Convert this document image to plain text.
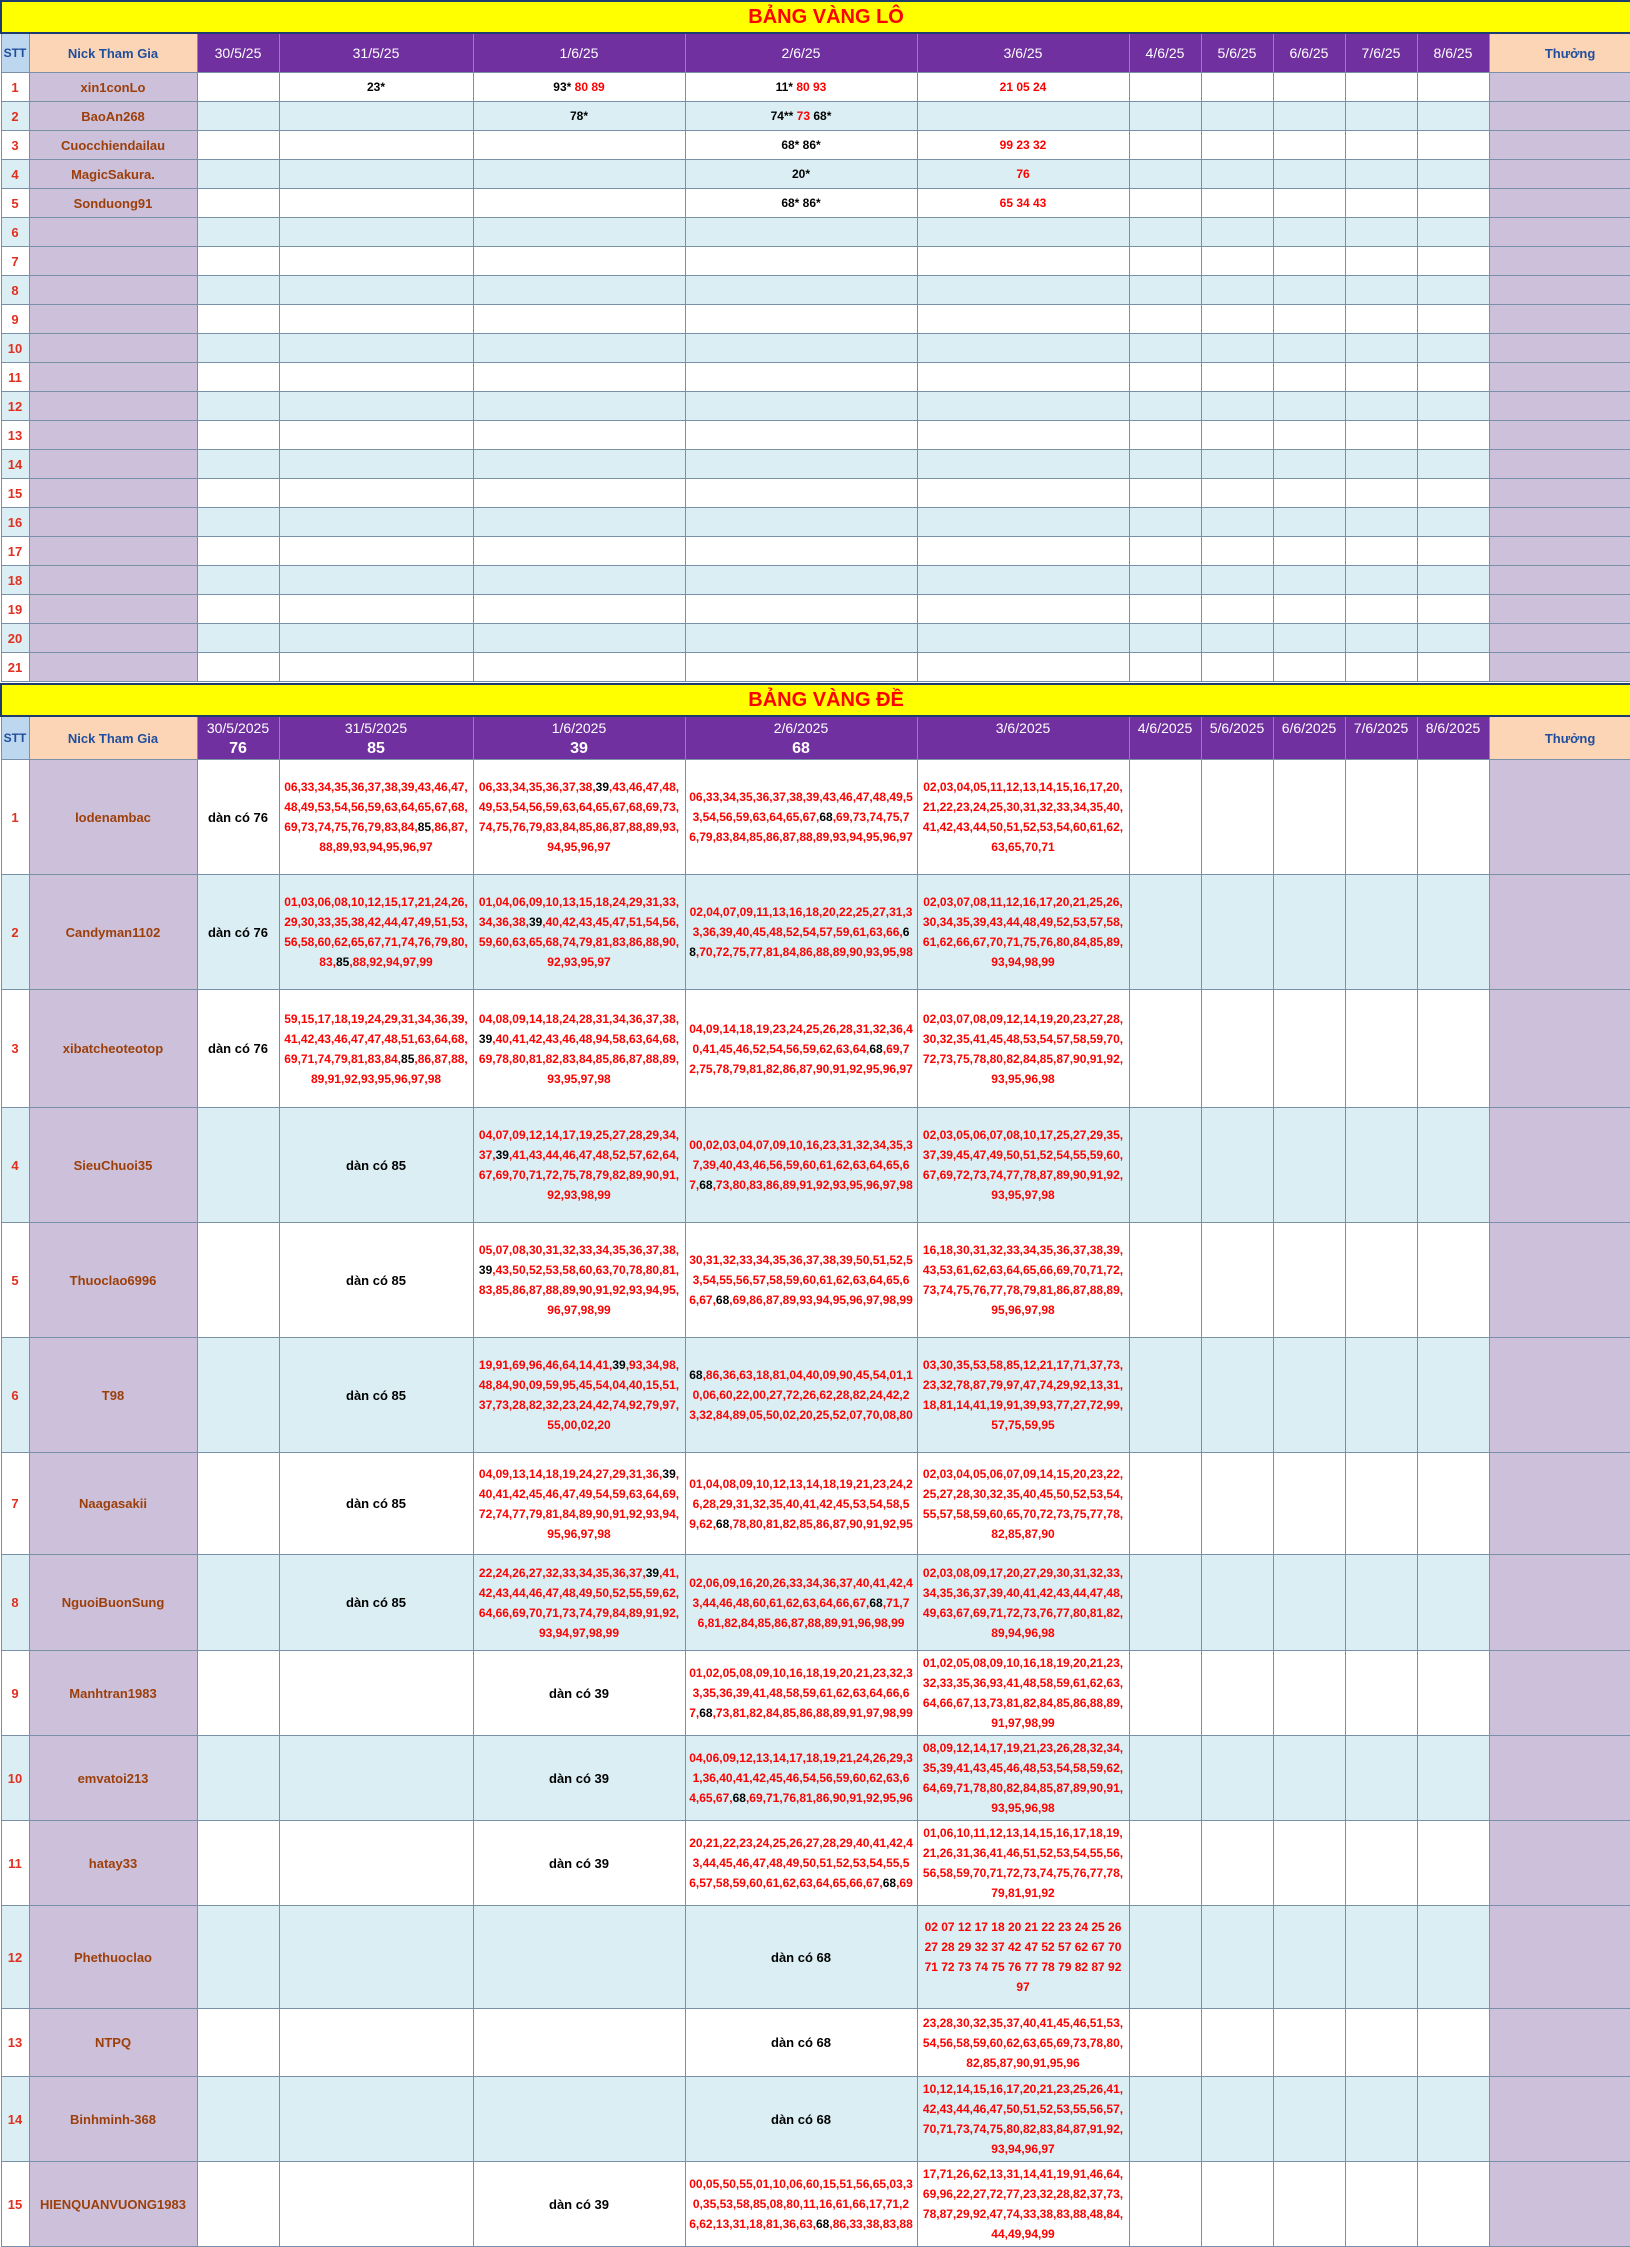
BẢNG VÀNG LÔ												
STT	Nick Tham Gia	30/5/25	31/5/25	1/6/25	2/6/25	3/6/25	4/6/25	5/6/25	6/6/25	7/6/25	8/6/25	Thưởng
1	xin1conLo		23*	93* 80 89	11* 80 93	21 05 24						
2	BaoAn268			78*	74** 73 68*							
3	Cuocchiendailau				68* 86*	99 23 32						
4	MagicSakura.				20*	76						
5	Sonduong91				68* 86*	65 34 43						
6												
7												
8												
9												
10												
11												
12												
13												
14												
15												
16												
17												
18												
19												
20												
21												
BẢNG VÀNG ĐỀ												
STT	Nick Tham Gia	30/5/2025	31/5/2025	1/6/2025	2/6/2025	3/6/2025	4/6/2025	5/6/2025	6/6/2025	7/6/2025	8/6/2025	Thưởng
		76	85	39	68							
1	lodenambac	dàn có 76	06,33,34,35,36,37,38,39,43,46,47,48,49,53,54,56,59,63,64,65,67,68,69,73,74,75,76,79,83,84,85,86,87,88,89,93,94,95,96,97	06,33,34,35,36,37,38,39,43,46,47,48,49,53,54,56,59,63,64,65,67,68,69,73,74,75,76,79,83,84,85,86,87,88,89,93,94,95,96,97	06,33,34,35,36,37,38,39,43,46,47,48,49,53,54,56,59,63,64,65,67,68,69,73,74,75,76,79,83,84,85,86,87,88,89,93,94,95,96,97	02,03,04,05,11,12,13,14,15,16,17,20,21,22,23,24,25,30,31,32,33,34,35,40,41,42,43,44,50,51,52,53,54,60,61,62,63,65,70,71						

2	Candyman1102	dàn có 76	01,03,06,08,10,12,15,17,21,24,26,29,30,33,35,38,42,44,47,49,51,53,56,58,60,62,65,67,71,74,76,79,80,83,85,88,92,94,97,99	01,04,06,09,10,13,15,18,24,29,31,33,34,36,38,39,40,42,43,45,47,51,54,56,59,60,63,65,68,74,79,81,83,86,88,90,92,93,95,97	02,04,07,09,11,13,16,18,20,22,25,27,31,33,36,39,40,45,48,52,54,57,59,61,63,66,68,70,72,75,77,81,84,86,88,89,90,93,95,98	02,03,07,08,11,12,16,17,20,21,25,26,30,34,35,39,43,44,48,49,52,53,57,58,61,62,66,67,70,71,75,76,80,84,85,89,93,94,98,99						

3	xibatcheoteotop	dàn có 76	59,15,17,18,19,24,29,31,34,36,39,41,42,43,46,47,47,48,51,63,64,68,69,71,74,79,81,83,84,85,86,87,88,89,91,92,93,95,96,97,98	04,08,09,14,18,24,28,31,34,36,37,38,39,40,41,42,43,46,48,94,58,63,64,68,69,78,80,81,82,83,84,85,86,87,88,89,93,95,97,98	04,09,14,18,19,23,24,25,26,28,31,32,36,40,41,45,46,52,54,56,59,62,63,64,68,69,72,75,78,79,81,82,86,87,90,91,92,95,96,97	02,03,07,08,09,12,14,19,20,23,27,28,30,32,35,41,45,48,53,54,57,58,59,70,72,73,75,78,80,82,84,85,87,90,91,92,93,95,96,98						

4	SieuChuoi35		dàn có 85	04,07,09,12,14,17,19,25,27,28,29,34,37,39,41,43,44,46,47,48,52,57,62,64,67,69,70,71,72,75,78,79,82,89,90,91,92,93,98,99	00,02,03,04,07,09,10,16,23,31,32,34,35,37,39,40,43,46,56,59,60,61,62,63,64,65,67,68,73,80,83,86,89,91,92,93,95,96,97,98	02,03,05,06,07,08,10,17,25,27,29,35,37,39,45,47,49,50,51,52,54,55,59,60,67,69,72,73,74,77,78,87,89,90,91,92,93,95,97,98						

5	Thuoclao6996		dàn có 85	05,07,08,30,31,32,33,34,35,36,37,38,39,43,50,52,53,58,60,63,70,78,80,81,83,85,86,87,88,89,90,91,92,93,94,95,96,97,98,99	30,31,32,33,34,35,36,37,38,39,50,51,52,53,54,55,56,57,58,59,60,61,62,63,64,65,66,67,68,69,86,87,89,93,94,95,96,97,98,99	16,18,30,31,32,33,34,35,36,37,38,39,43,53,61,62,63,64,65,66,69,70,71,72,73,74,75,76,77,78,79,81,86,87,88,89,95,96,97,98						

6	T98		dàn có 85	19,91,69,96,46,64,14,41,39,93,34,98,48,84,90,09,59,95,45,54,04,40,15,51,37,73,28,82,32,23,24,42,74,92,79,97,55,00,02,20	68,86,36,63,18,81,04,40,09,90,45,54,01,10,06,60,22,00,27,72,26,62,28,82,24,42,23,32,84,89,05,50,02,20,25,52,07,70,08,80	03,30,35,53,58,85,12,21,17,71,37,73,23,32,78,87,79,97,47,74,29,92,13,31,18,81,14,41,19,91,39,93,77,27,72,99,57,75,59,95						

7	Naagasakii		dàn có 85	04,09,13,14,18,19,24,27,29,31,36,39,40,41,42,45,46,47,49,54,59,63,64,69,72,74,77,79,81,84,89,90,91,92,93,94,95,96,97,98	01,04,08,09,10,12,13,14,18,19,21,23,24,26,28,29,31,32,35,40,41,42,45,53,54,58,59,62,68,78,80,81,82,85,86,87,90,91,92,95	02,03,04,05,06,07,09,14,15,20,23,22,25,27,28,30,32,35,40,45,50,52,53,54,55,57,58,59,60,65,70,72,73,75,77,78,82,85,87,90						

8	NguoiBuonSung		dàn có 85	22,24,26,27,32,33,34,35,36,37,39,41,42,43,44,46,47,48,49,50,52,55,59,62,64,66,69,70,71,73,74,79,84,89,91,92,93,94,97,98,99	02,06,09,16,20,26,33,34,36,37,40,41,42,43,44,46,48,60,61,62,63,64,66,67,68,71,76,81,82,84,85,86,87,88,89,91,96,98,99	02,03,08,09,17,20,27,29,30,31,32,33,34,35,36,37,39,40,41,42,43,44,47,48,49,63,67,69,71,72,73,76,77,80,81,82,89,94,96,98						

9	Manhtran1983			dàn có 39	01,02,05,08,09,10,16,18,19,20,21,23,32,33,35,36,39,41,48,58,59,61,62,63,64,66,67,68,73,81,82,84,85,86,88,89,91,97,98,99	01,02,05,08,09,10,16,18,19,20,21,23,32,33,35,36,93,41,48,58,59,61,62,63,64,66,67,13,73,81,82,84,85,86,88,89,91,97,98,99						

10	emvatoi213			dàn có 39	04,06,09,12,13,14,17,18,19,21,24,26,29,31,36,40,41,42,45,46,54,56,59,60,62,63,64,65,67,68,69,71,76,81,86,90,91,92,95,96	08,09,12,14,17,19,21,23,26,28,32,34,35,39,41,43,45,46,48,53,54,58,59,62,64,69,71,78,80,82,84,85,87,89,90,91,93,95,96,98						

11	hatay33			dàn có 39	20,21,22,23,24,25,26,27,28,29,40,41,42,43,44,45,46,47,48,49,50,51,52,53,54,55,56,57,58,59,60,61,62,63,64,65,66,67,68,69	01,06,10,11,12,13,14,15,16,17,18,19,21,26,31,36,41,46,51,52,53,54,55,56,56,58,59,70,71,72,73,74,75,76,77,78,79,81,91,92						

12	Phethuoclao				dàn có 68	02 07 12 17 18 20 21 22 23 24 25 26 27 28 29 32 37 42 47 52 57 62 67 70 71 72 73 74 75 76 77 78 79 82 87 92 97						

13	NTPQ				dàn có 68	23,28,30,32,35,37,40,41,45,46,51,53,54,56,58,59,60,62,63,65,69,73,78,80,82,85,87,90,91,95,96						

14	Binhminh-368				dàn có 68	10,12,14,15,16,17,20,21,23,25,26,41,42,43,44,46,47,50,51,52,53,55,56,57,70,71,73,74,75,80,82,83,84,87,91,92,93,94,96,97						

15	HIENQUANVUONG1983			dàn có 39	00,05,50,55,01,10,06,60,15,51,56,65,03,30,35,53,58,85,08,80,11,16,61,66,17,71,26,62,13,31,18,81,36,63,68,86,33,38,83,88	17,71,26,62,13,31,14,41,19,91,46,64,69,96,22,27,72,77,23,32,28,82,37,73,78,87,29,92,47,74,33,38,83,88,48,84,44,49,94,99						
